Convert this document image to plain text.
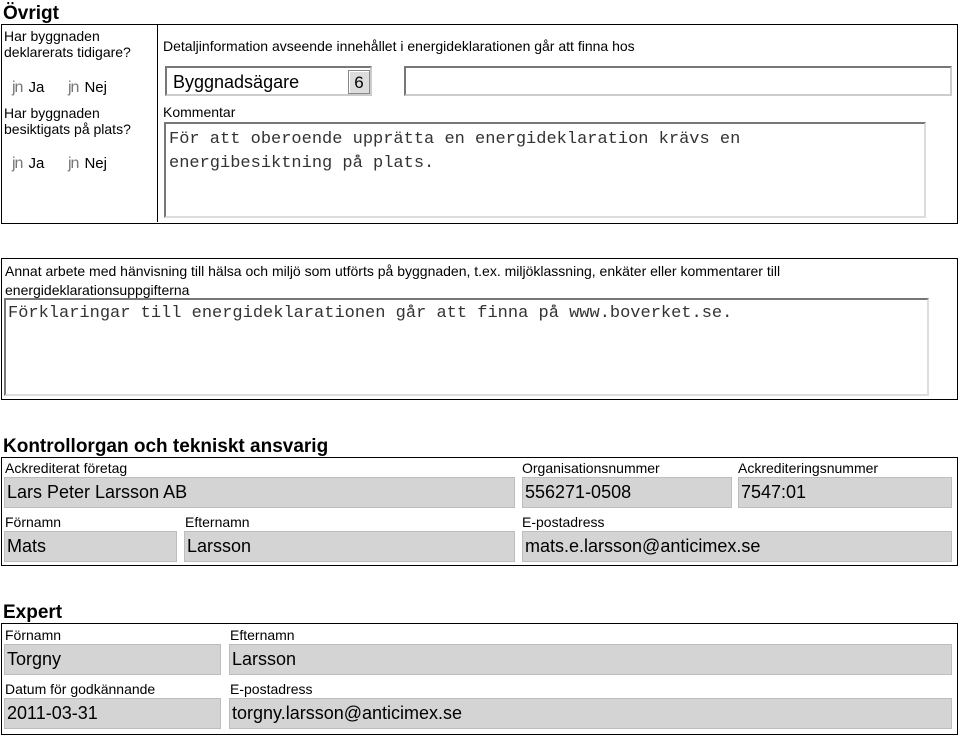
Övrigt
Har byggnaden
deklarerats tidigare?
jn Ja jn Nej
Har byggnaden
besiktigats på plats?
jn Ja jn Nej
Detaljinformation avseende innehållet i energideklarationen går att finna hos
Byggnadsägare	6
Kommentar
För att oberoende upprätta en energideklaration krävs en
energibesiktning på plats.
Annat arbete med hänvisning till hälsa och miljö som utförts på byggnaden, t.ex. miljöklassning, enkäter eller kommentarer till
energideklarationsuppgifterna
Förklaringar till energideklarationen går att finna på www.boverket.se.
Kontrollorgan och tekniskt ansvarig
Ackrediterat företag
Lars Peter Larsson AB
Organisationsnummer
556271-0508
Ackrediteringsnummer
7547:01
Förnamn
Mats
Efternamn
Larsson
E-postadress
mats.e.larsson@anticimex.se
Expert
Förnamn
Torgny
Efternamn
Larsson
Datum för godkännande
2011-03-31
E-postadress
torgny.larsson@anticimex.se
